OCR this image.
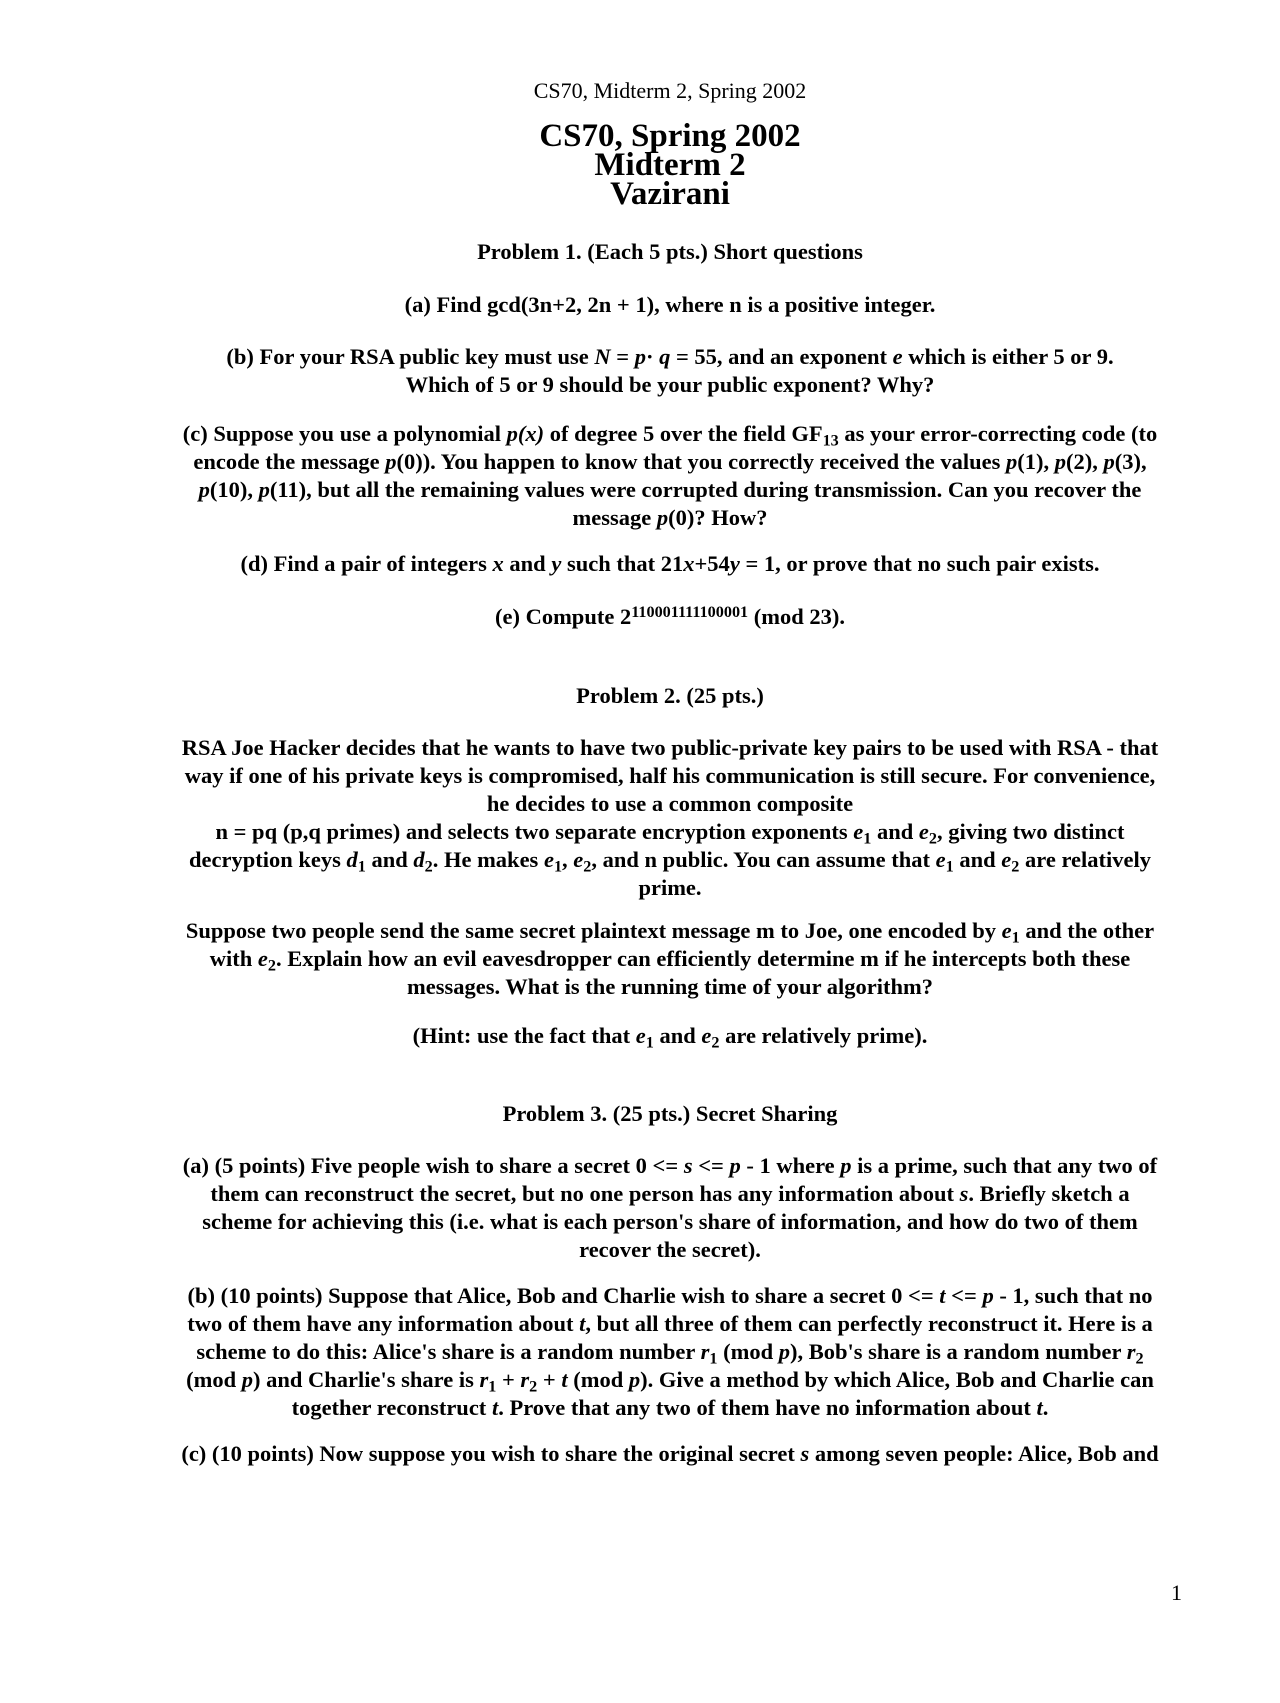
CS70, Midterm 2, Spring 2002
CS70, Spring 2002
Midterm 2
Vazirani
Problem 1. (Each 5 pts.) Short questions
(a) Find gcd(3n+2, 2n + 1), where n is a positive integer.
(b) For your RSA public key must use N = p· q = 55, and an exponent e which is either 5 or 9.
Which of 5 or 9 should be your public exponent? Why?
(c) Suppose you use a polynomial p(x) of degree 5 over the field $GF_{13}$ as your error-correcting code (to
encode the message p(0)). You happen to know that you correctly received the values p(1), p(2), p(3),
p(10), p(11), but all the remaining values were corrupted during transmission. Can you recover the
message p(0)? How?
(d) Find a pair of integers x and y such that 21x+54y = 1, or prove that no such pair exists.
(e) Compute $2^{110001111100001}$ (mod 23).
Problem 2. (25 pts.)
RSA Joe Hacker decides that he wants to have two public-private key pairs to be used with RSA - that
way if one of his private keys is compromised, half his communication is still secure. For convenience,
he decides to use a common composite
n = pq (p,q primes) and selects two separate encryption exponents $e_1$ and $e_2$, giving two distinct
decryption keys $d_1$ and $d_2$. He makes $e_1$, $e_2$, and n public. You can assume that $e_1$ and $e_2$ are relatively
prime.
Suppose two people send the same secret plaintext message m to Joe, one encoded by $e_1$ and the other
with $e_2$. Explain how an evil eavesdropper can efficiently determine m if he intercepts both these
messages. What is the running time of your algorithm?
(Hint: use the fact that $e_1$ and $e_2$ are relatively prime).
Problem 3. (25 pts.) Secret Sharing
(a) (5 points) Five people wish to share a secret 0 <= s <= p - 1 where p is a prime, such that any two of
them can reconstruct the secret, but no one person has any information about s. Briefly sketch a
scheme for achieving this (i.e. what is each person's share of information, and how do two of them
recover the secret).
(b) (10 points) Suppose that Alice, Bob and Charlie wish to share a secret 0 <= t <= p - 1, such that no
two of them have any information about t, but all three of them can perfectly reconstruct it. Here is a
scheme to do this: Alice's share is a random number $r_1$ (mod p), Bob's share is a random number $r_2$
(mod p) and Charlie's share is $r_1 + r_2 + t$ (mod p). Give a method by which Alice, Bob and Charlie can
together reconstruct t. Prove that any two of them have no information about t.
(c) (10 points) Now suppose you wish to share the original secret s among seven people: Alice, Bob and
1
